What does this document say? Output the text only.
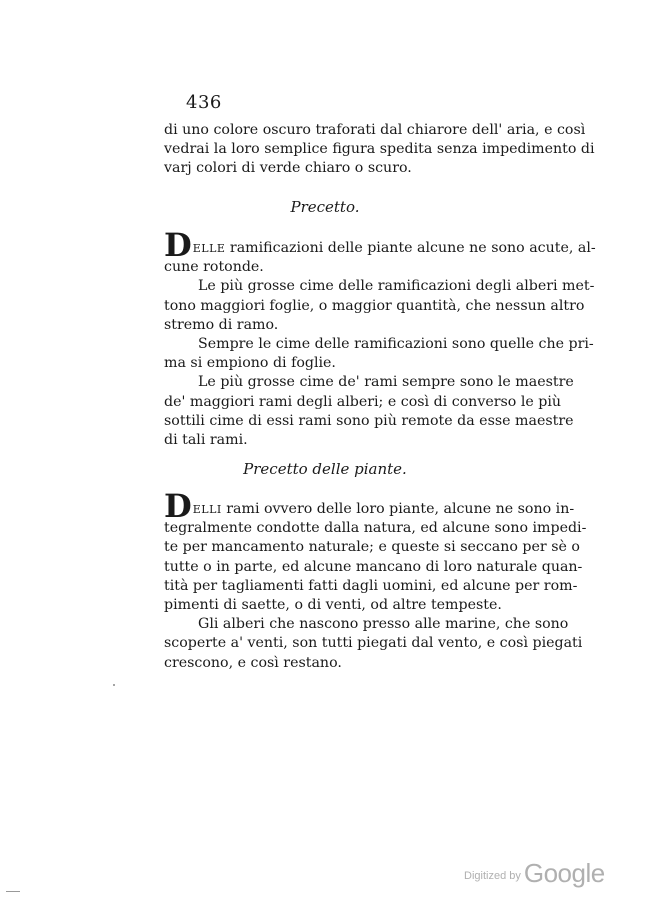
436
di uno colore oscuro traforati dal chiarore dell' aria, e così
vedrai la loro semplice figura spedita senza impedimento di
varj colori di verde chiaro o scuro.
Precetto.
DELLE ramificazioni delle piante alcune ne sono acute, al-
cune rotonde.
Le più grosse cime delle ramificazioni degli alberi met-
tono maggiori foglie, o maggior quantità, che nessun altro
stremo di ramo.
Sempre le cime delle ramificazioni sono quelle che pri-
ma si empiono di foglie.
Le più grosse cime de' rami sempre sono le maestre
de' maggiori rami degli alberi; e così di converso le più
sottili cime di essi rami sono più remote da esse maestre
di tali rami.
Precetto delle piante.
DELLI rami ovvero delle loro piante, alcune ne sono in-
tegralmente condotte dalla natura, ed alcune sono impedi-
te per mancamento naturale; e queste si seccano per sè o
tutte o in parte, ed alcune mancano di loro naturale quan-
tità per tagliamenti fatti dagli uomini, ed alcune per rom-
pimenti di saette, o di venti, od altre tempeste.
Gli alberi che nascono presso alle marine, che sono
scoperte a' venti, son tutti piegati dal vento, e così piegati
crescono, e così restano.
Digitized by Google
